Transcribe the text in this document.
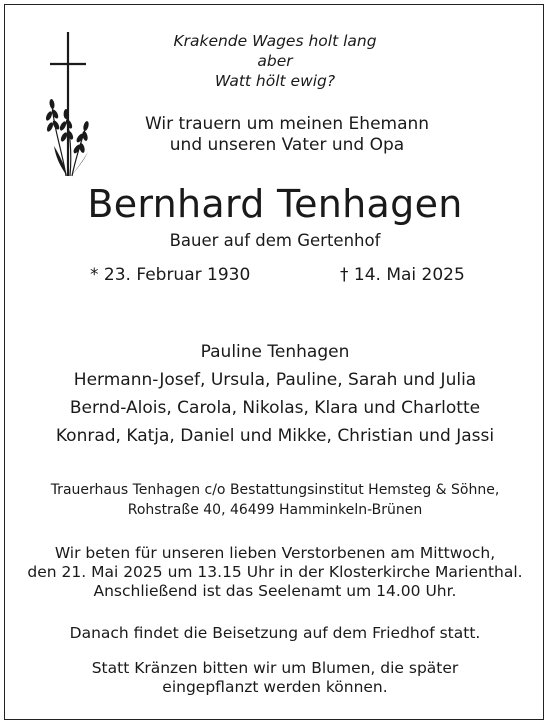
Krakende Wages holt lang
aber
Watt hölt ewig?
Wir trauern um meinen Ehemann
und unseren Vater und Opa
Bernhard Tenhagen
Bauer auf dem Gertenhof
* 23. Februar 1930	† 14. Mai 2025
Pauline Tenhagen
Hermann-Josef, Ursula, Pauline, Sarah und Julia
Bernd-Alois, Carola, Nikolas, Klara und Charlotte
Konrad, Katja, Daniel und Mikke, Christian und Jassi
Trauerhaus Tenhagen c/o Bestattungsinstitut Hemsteg & Söhne,
Rohstraße 40, 46499 Hamminkeln-Brünen
Wir beten für unseren lieben Verstorbenen am Mittwoch,
den 21. Mai 2025 um 13.15 Uhr in der Klosterkirche Marienthal.
Anschließend ist das Seelenamt um 14.00 Uhr.
Danach findet die Beisetzung auf dem Friedhof statt.
Statt Kränzen bitten wir um Blumen, die später
eingepflanzt werden können.
